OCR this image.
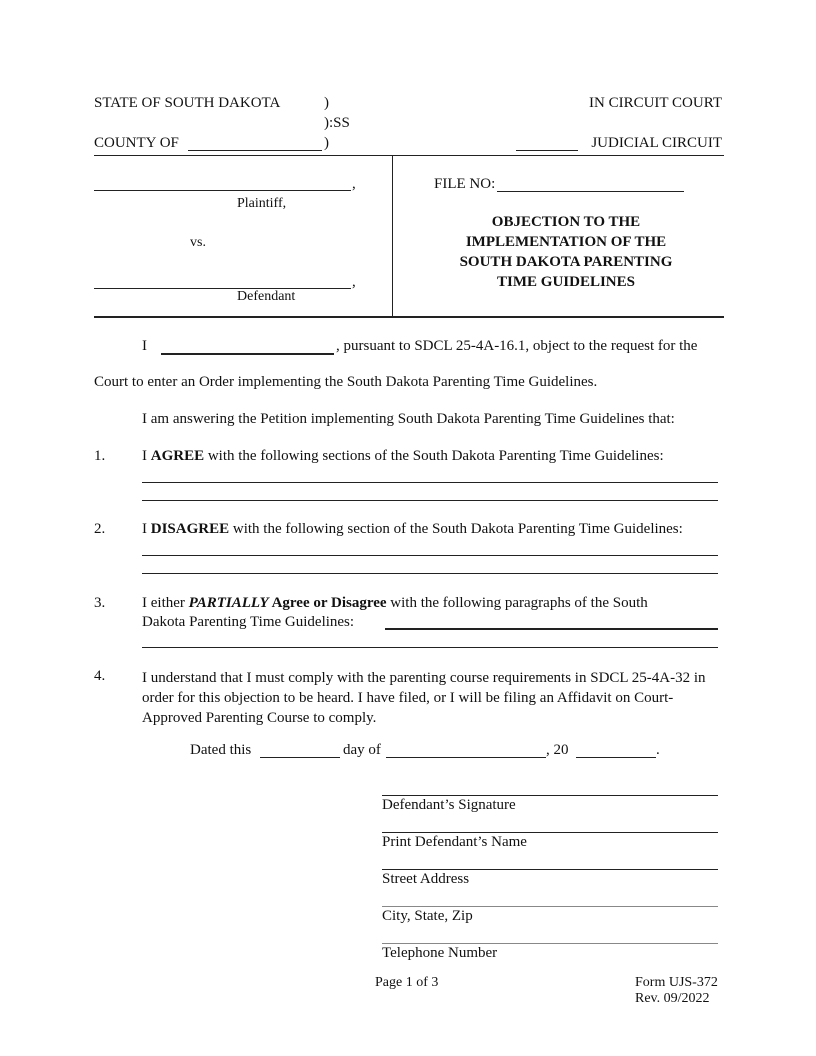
STATE OF SOUTH DAKOTA	)
):SS
IN CIRCUIT COURT
COUNTY OF	)	JUDICIAL CIRCUIT
,
Plaintiff,
vs.
,
Defendant
FILE NO:
OBJECTION TO THE
IMPLEMENTATION OF THE
SOUTH DAKOTA PARENTING
TIME GUIDELINES
I	, pursuant to SDCL 25-4A-16.1, object to the request for the
Court to enter an Order implementing the South Dakota Parenting Time Guidelines.
I am answering the Petition implementing South Dakota Parenting Time Guidelines that:
1. I AGREE with the following sections of the South Dakota Parenting Time Guidelines:
2. I DISAGREE with the following section of the South Dakota Parenting Time Guidelines:
3. I either PARTIALLY Agree or Disagree with the following paragraphs of the South
Dakota Parenting Time Guidelines:
4. I understand that I must comply with the parenting course requirements in SDCL 25-4A-32 in order for this objection to be heard. I have filed, or I will be filing an Affidavit on Court-Approved Parenting Course to comply.
Dated this	day of	, 20	.
Defendant’s Signature
Print Defendant’s Name
Street Address
City, State, Zip
Telephone Number
Page 1 of 3	Form UJS-372
Rev. 09/2022
